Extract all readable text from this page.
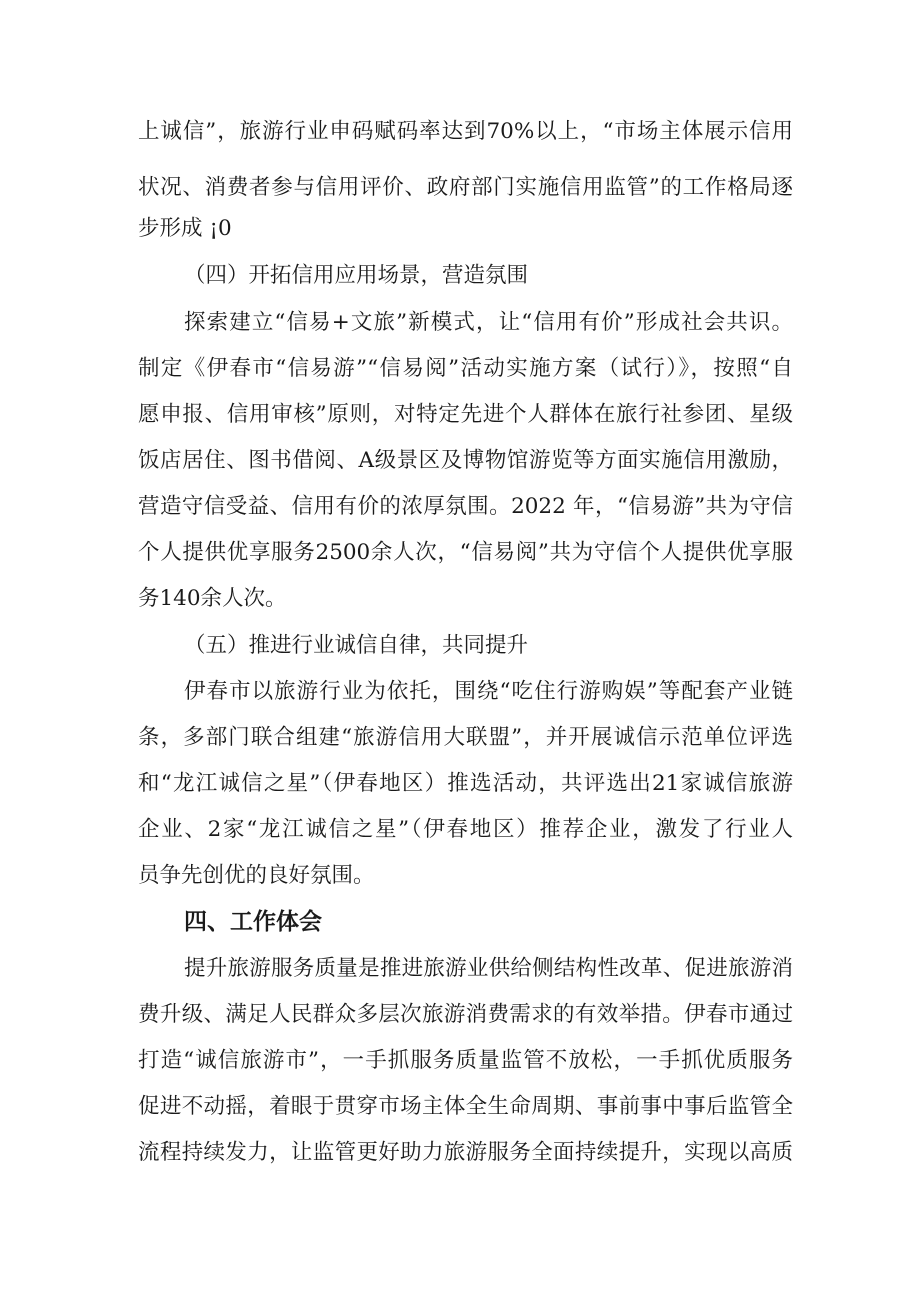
上诚信”，旅游行业申码赋码率达到70%以上，“市场主体展示信用
状况、消费者参与信用评价、政府部门实施信用监管”的工作格局逐
步形成 ¡0
（四）开拓信用应用场景，营造氛围
探索建立“信易+文旅”新模式，让“信用有价”形成社会共识。
制定《伊春市“信易游”“信易阅”活动实施方案（试行）》，按照“自
愿申报、信用审核”原则，对特定先进个人群体在旅行社参团、星级
饭店居住、图书借阅、A级景区及博物馆游览等方面实施信用激励，
营造守信受益、信用有价的浓厚氛围。2022 年，“信易游”共为守信
个人提供优享服务2500余人次，“信易阅”共为守信个人提供优享服
务140余人次。
（五）推进行业诚信自律，共同提升
伊春市以旅游行业为依托，围绕“吃住行游购娱”等配套产业链
条，多部门联合组建“旅游信用大联盟”，并开展诚信示范单位评选
和“龙江诚信之星”（伊春地区）推选活动，共评选出21家诚信旅游
企业、2家“龙江诚信之星”（伊春地区）推荐企业，激发了行业人
员争先创优的良好氛围。
四、工作体会
提升旅游服务质量是推进旅游业供给侧结构性改革、促进旅游消
费升级、满足人民群众多层次旅游消费需求的有效举措。伊春市通过
打造“诚信旅游市”，一手抓服务质量监管不放松，一手抓优质服务
促进不动摇，着眼于贯穿市场主体全生命周期、事前事中事后监管全
流程持续发力，让监管更好助力旅游服务全面持续提升，实现以高质
